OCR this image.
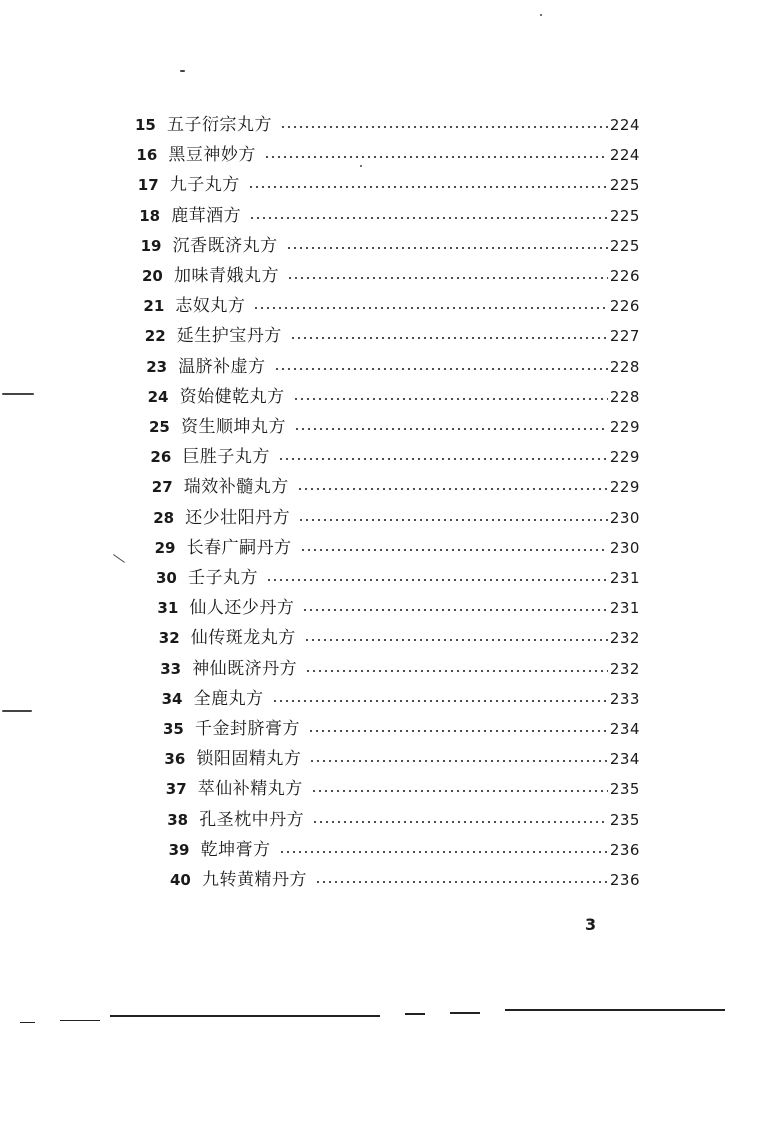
15 五子衍宗丸方	224
16 黑豆神妙方	224
17 九子丸方	225
18 鹿茸酒方	225
19 沉香既济丸方	225
20 加味青娥丸方	226
21 志奴丸方	226
22 延生护宝丹方	227
23 温脐补虚方	228
24 资始健乾丸方	228
25 资生顺坤丸方	229
26 巨胜子丸方	229
27 瑞效补髓丸方	229
28 还少壮阳丹方	230
29 长春广嗣丹方	230
30 壬子丸方	231
31 仙人还少丹方	231
32 仙传斑龙丸方	232
33 神仙既济丹方	232
34 全鹿丸方	233
35 千金封脐膏方	234
36 锁阳固精丸方	234
37 萃仙补精丸方	235
38 孔圣枕中丹方	235
39 乾坤膏方	236
40 九转黄精丹方	236
3
